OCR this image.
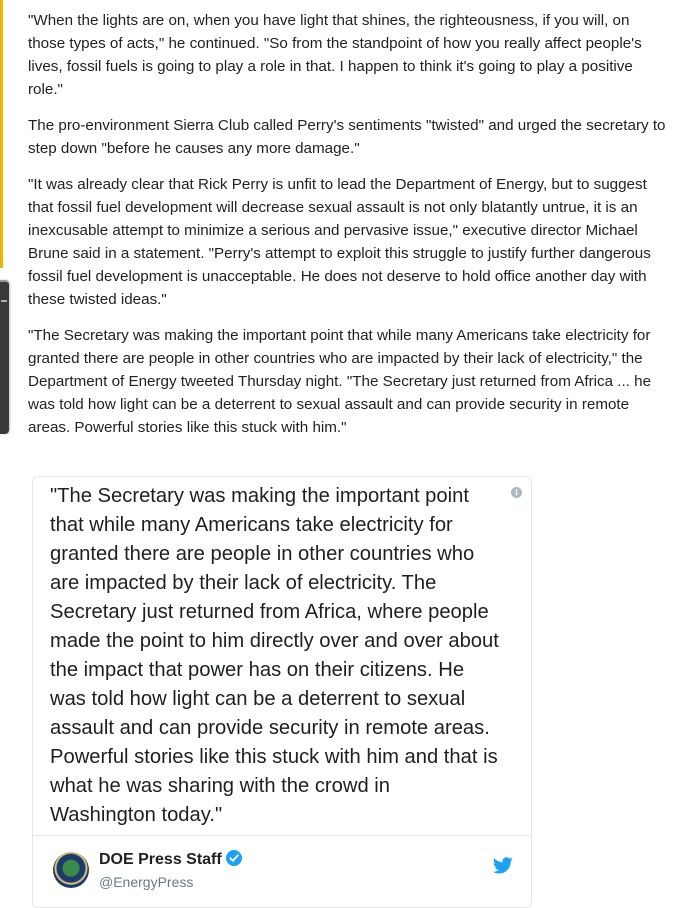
"When the lights are on, when you have light that shines, the righteousness, if you will, on those types of acts," he continued. "So from the standpoint of how you really affect people's lives, fossil fuels is going to play a role in that. I happen to think it's going to play a positive role."

The pro-environment Sierra Club called Perry's sentiments "twisted" and urged the secretary to step down "before he causes any more damage."

"It was already clear that Rick Perry is unfit to lead the Department of Energy, but to suggest that fossil fuel development will decrease sexual assault is not only blatantly untrue, it is an inexcusable attempt to minimize a serious and pervasive issue," executive director Michael Brune said in a statement. "Perry's attempt to exploit this struggle to justify further dangerous fossil fuel development is unacceptable. He does not deserve to hold office another day with these twisted ideas."

"The Secretary was making the important point that while many Americans take electricity for granted there are people in other countries who are impacted by their lack of electricity," the Department of Energy tweeted Thursday night. "The Secretary just returned from Africa ... he was told how light can be a deterrent to sexual assault and can provide security in remote areas. Powerful stories like this stuck with him."

"The Secretary was making the important point that while many Americans take electricity for granted there are people in other countries who are impacted by their lack of electricity. The Secretary just returned from Africa, where people made the point to him directly over and over about the impact that power has on their citizens. He was told how light can be a deterrent to sexual assault and can provide security in remote areas. Powerful stories like this stuck with him and that is what he was sharing with the crowd in Washington today."
DOE Press Staff
@EnergyPress
